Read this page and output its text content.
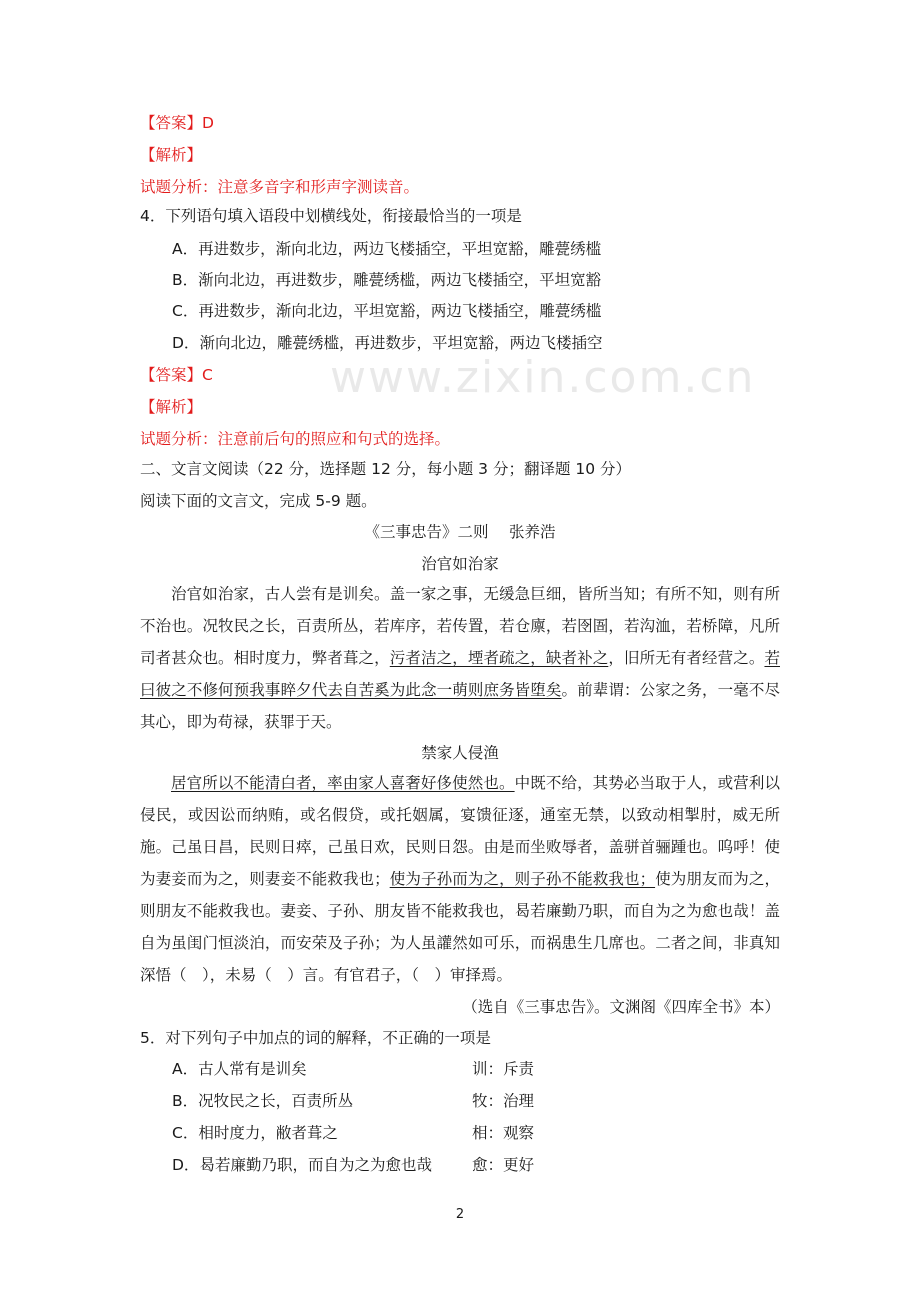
www.zixin.com.cn
【答案】D
【解析】
试题分析：注意多音字和形声字测读音。
4．下列语句填入语段中划横线处，衔接最恰当的一项是
A．再进数步，渐向北边，两边飞楼插空，平坦宽豁，雕甍绣槛
B．渐向北边，再进数步，雕甍绣槛，两边飞楼插空，平坦宽豁
C．再进数步，渐向北边，平坦宽豁，两边飞楼插空，雕甍绣槛
D．渐向北边，雕甍绣槛，再进数步，平坦宽豁，两边飞楼插空
【答案】C
【解析】
试题分析：注意前后句的照应和句式的选择。
二、文言文阅读（22 分，选择题 12 分，每小题 3 分；翻译题 10 分）
阅读下面的文言文，完成 5-9 题。
《三事忠告》二则　 张养浩
治官如治家
治官如治家，古人尝有是训矣。盖一家之事，无缓急巨细，皆所当知；有所不知，则有所不治也。况牧民之长，百责所丛，若库序，若传置，若仓廪，若囹圄，若沟洫，若桥障，凡所司者甚众也。相时度力，弊者葺之，污者洁之，堙者疏之，缺者补之，旧所无有者经营之。若曰彼之不修何预我事睟夕代去自苦奚为此念一萌则庶务皆堕矣。前辈谓：公家之务，一毫不尽其心，即为苟禄，获罪于天。
禁家人侵渔
居官所以不能清白者，率由家人喜奢好侈使然也。中既不给，其势必当取于人，或营利以侵民，或因讼而纳贿，或名假贷，或托姻属，宴馈征逐，通室无禁，以致动相掣肘，威无所施。己虽日昌，民则日瘁，己虽日欢，民则日怨。由是而坐败辱者，盖骈首骊踵也。呜呼！使为妻妾而为之，则妻妾不能救我也；使为子孙而为之，则子孙不能救我也；使为朋友而为之，则朋友不能救我也。妻妾、子孙、朋友皆不能救我也，曷若廉勤乃职，而自为之为愈也哉！盖自为虽闺门恒淡泊，而安荣及子孙；为人虽讙然如可乐，而祸患生几席也。二者之间，非真知深悟（　），未易（　）言。有官君子，（　）审择焉。
（选自《三事忠告》。文渊阁《四库全书》本）
5．对下列句子中加点的词的解释，不正确的一项是
A．古人常有是训矣	训：斥责
B．况牧民之长，百责所丛	牧：治理
C．相时度力，敝者葺之	相：观察
D．曷若廉勤乃职，而自为之为愈也哉	愈：更好
2
